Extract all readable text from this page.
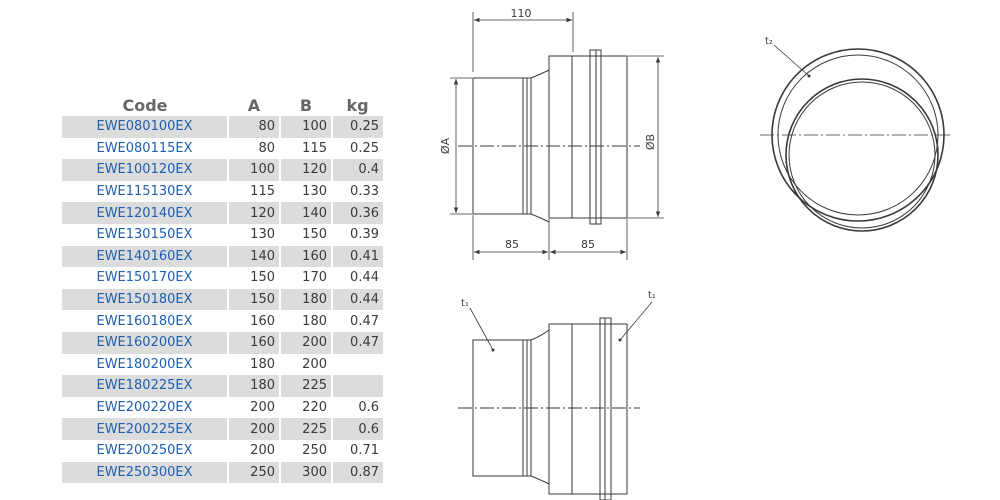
Code	A	B	kg
EWE080100EX	80	100	0.25
EWE080115EX	80	115	0.25
EWE100120EX	100	120	0.4
EWE115130EX	115	130	0.33
EWE120140EX	120	140	0.36
EWE130150EX	130	150	0.39
EWE140160EX	140	160	0.41
EWE150170EX	150	170	0.44
EWE150180EX	150	180	0.44
EWE160180EX	160	180	0.47
EWE160200EX	160	200	0.47
EWE180200EX	180	200	
EWE180225EX	180	225	
EWE200220EX	200	220	0.6
EWE200225EX	200	225	0.6
EWE200250EX	200	250	0.71
EWE250300EX	250	300	0.87
110
ØA	ØB
85	85
t₂
t₁
t₁
